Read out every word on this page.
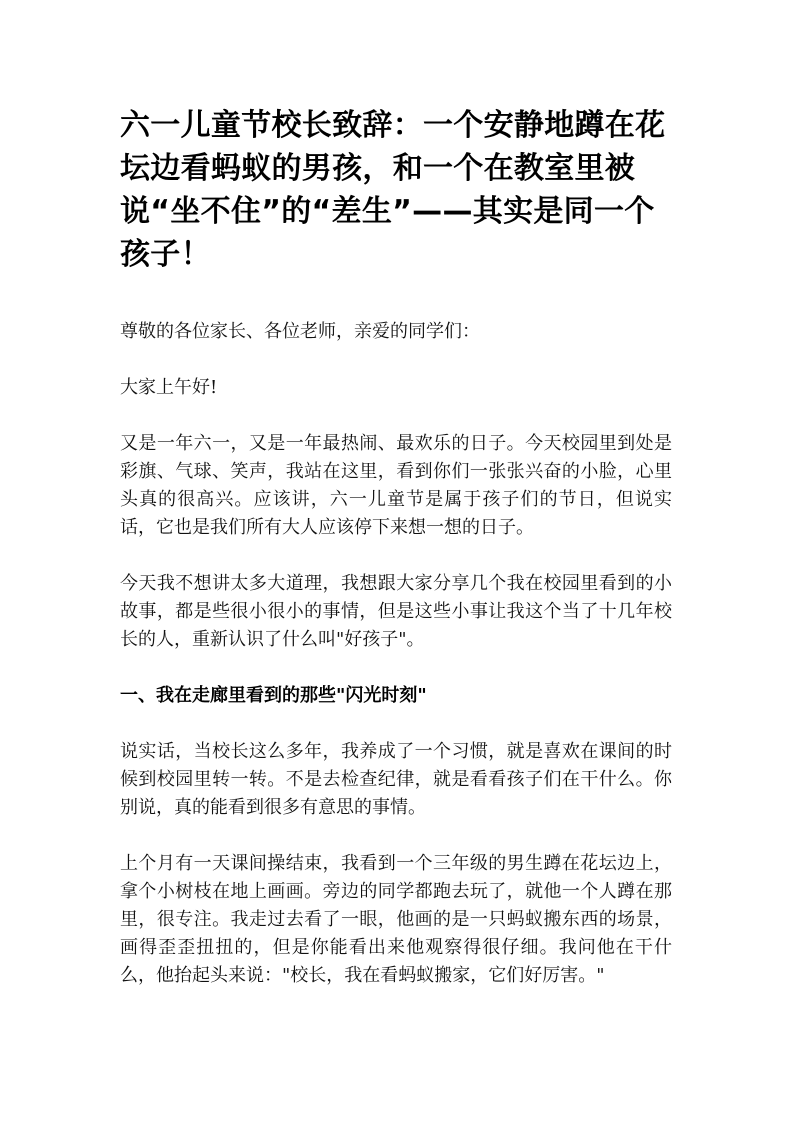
六一儿童节校长致辞：一个安静地蹲在花坛边看蚂蚁的男孩，和一个在教室里被说“坐不住”的“差生”——其实是同一个孩子！

尊敬的各位家长、各位老师，亲爱的同学们：

大家上午好!

又是一年六一，又是一年最热闹、最欢乐的日子。今天校园里到处是彩旗、气球、笑声，我站在这里，看到你们一张张兴奋的小脸，心里头真的很高兴。应该讲，六一儿童节是属于孩子们的节日，但说实话，它也是我们所有大人应该停下来想一想的日子。

今天我不想讲太多大道理，我想跟大家分享几个我在校园里看到的小故事，都是些很小很小的事情，但是这些小事让我这个当了十几年校长的人，重新认识了什么叫"好孩子"。

一、我在走廊里看到的那些"闪光时刻"

说实话，当校长这么多年，我养成了一个习惯，就是喜欢在课间的时候到校园里转一转。不是去检查纪律，就是看看孩子们在干什么。你别说，真的能看到很多有意思的事情。

上个月有一天课间操结束，我看到一个三年级的男生蹲在花坛边上，拿个小树枝在地上画画。旁边的同学都跑去玩了，就他一个人蹲在那里，很专注。我走过去看了一眼，他画的是一只蚂蚁搬东西的场景，画得歪歪扭扭的，但是你能看出来他观察得很仔细。我问他在干什么，他抬起头来说："校长，我在看蚂蚁搬家，它们好厉害。"
